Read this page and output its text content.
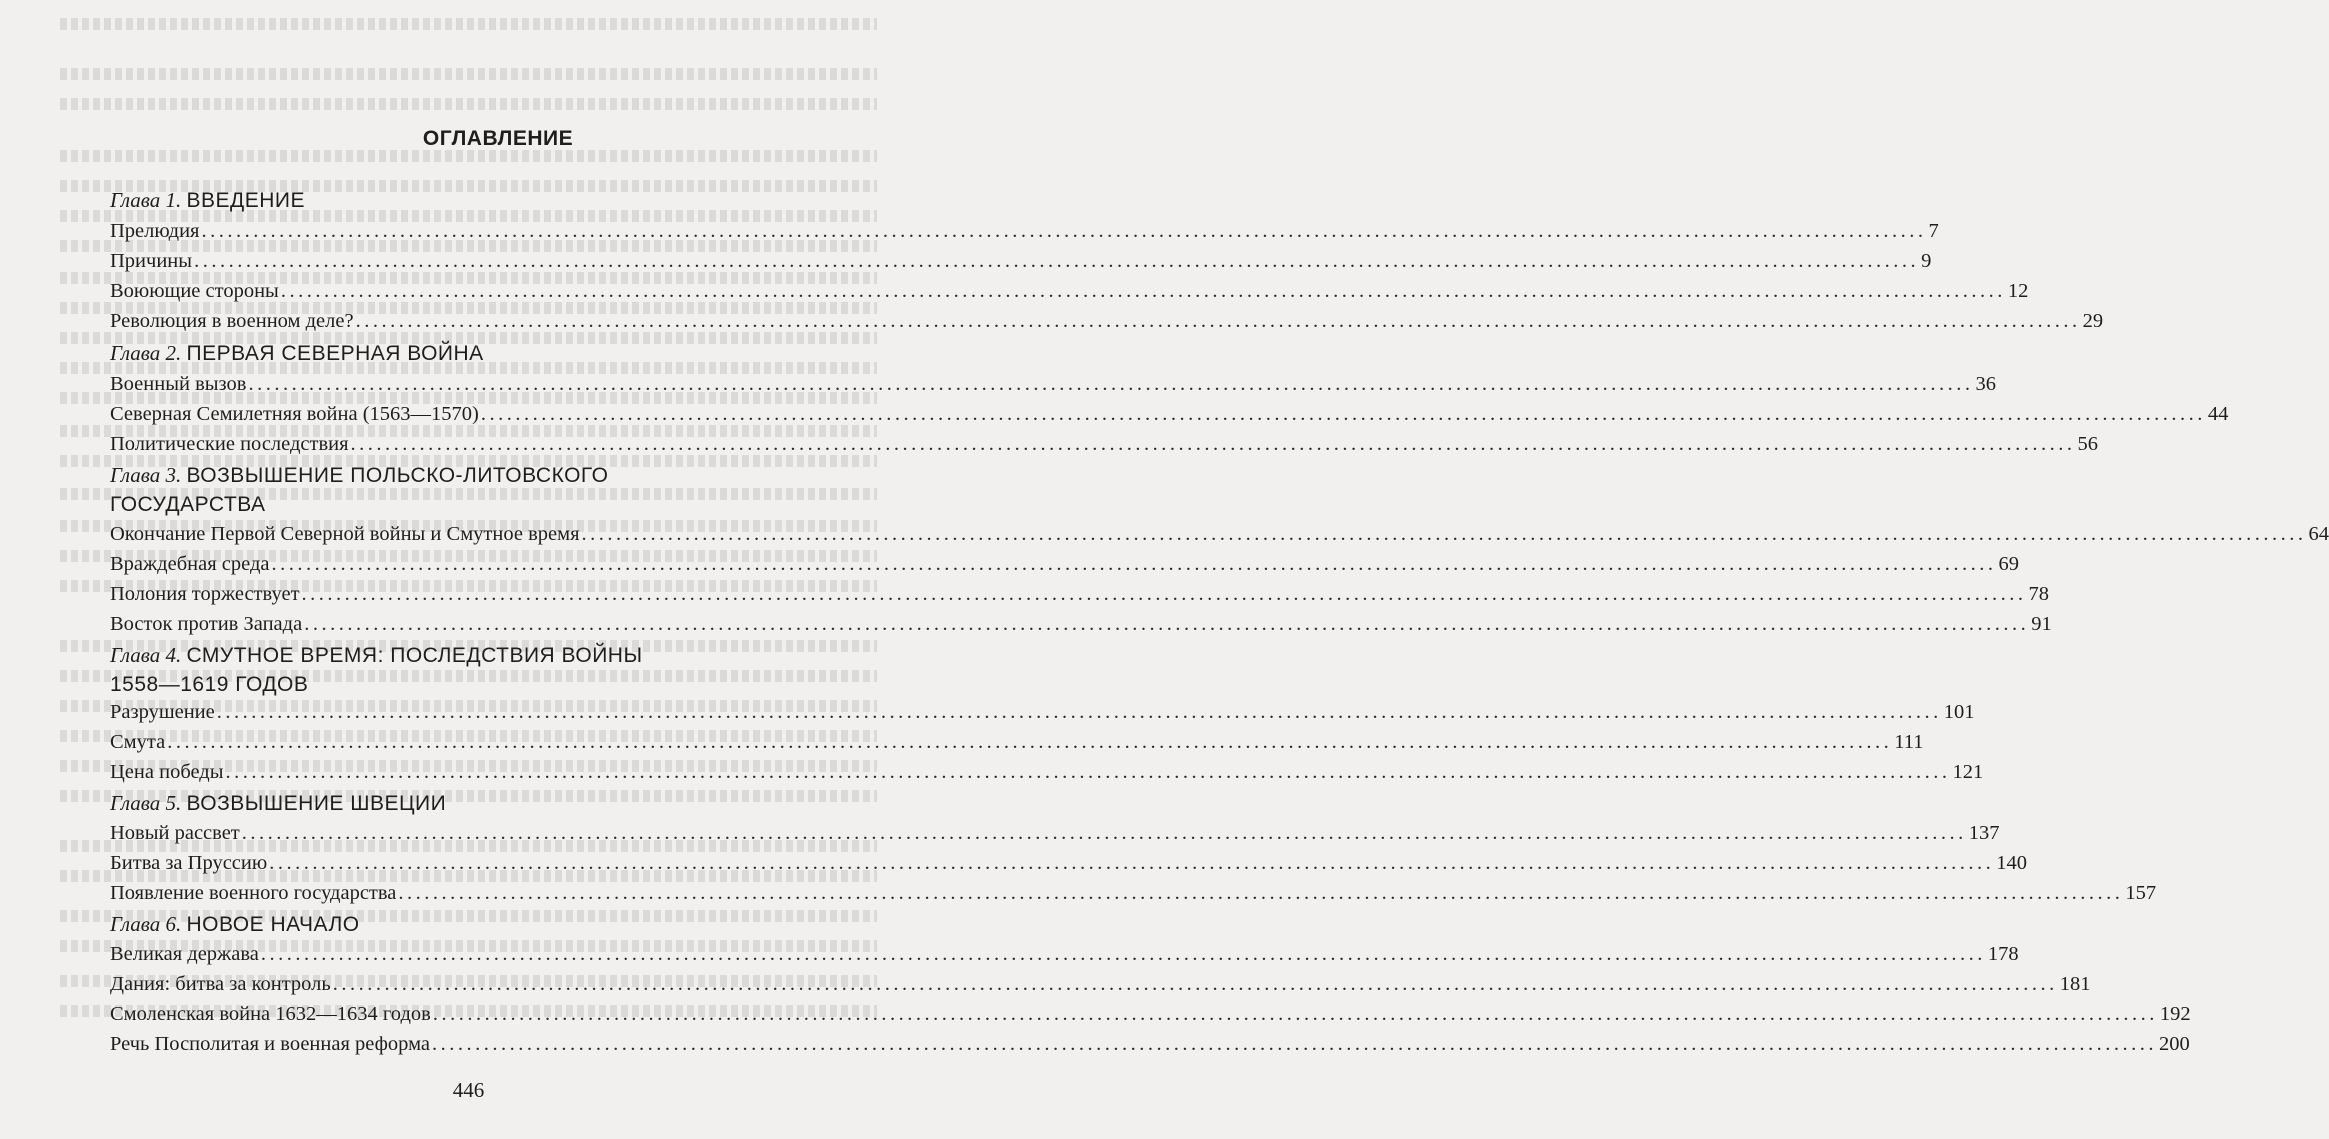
ОГЛАВЛЕНИЕ
Глава 1. ВВЕДЕНИЕ
Прелюдия ........................................................................................................................................................................................................ 7
Причины ........................................................................................................................................................................................................ 9
Воюющие стороны ........................................................................................................................................................................................................ 12
Революция в военном деле? ........................................................................................................................................................................................................ 29
Глава 2. ПЕРВАЯ СЕВЕРНАЯ ВОЙНА
Военный вызов ........................................................................................................................................................................................................ 36
Северная Семилетняя война (1563—1570) ........................................................................................................................................................................................................ 44
Политические последствия ........................................................................................................................................................................................................ 56
Глава 3. ВОЗВЫШЕНИЕ ПОЛЬСКО-ЛИТОВСКОГО
ГОСУДАРСТВА
Окончание Первой Северной войны и Смутное время ........................................................................................................................................................................................................ 64
Враждебная среда ........................................................................................................................................................................................................ 69
Полония торжествует ........................................................................................................................................................................................................ 78
Восток против Запада ........................................................................................................................................................................................................ 91
Глава 4. СМУТНОЕ ВРЕМЯ: ПОСЛЕДСТВИЯ ВОЙНЫ
1558—1619 ГОДОВ
Разрушение ........................................................................................................................................................................................................ 101
Смута ........................................................................................................................................................................................................ 111
Цена победы ........................................................................................................................................................................................................ 121
Глава 5. ВОЗВЫШЕНИЕ ШВЕЦИИ
Новый рассвет ........................................................................................................................................................................................................ 137
Битва за Пруссию ........................................................................................................................................................................................................ 140
Появление военного государства ........................................................................................................................................................................................................ 157
Глава 6. НОВОЕ НАЧАЛО
Великая держава ........................................................................................................................................................................................................ 178
Дания: битва за контроль ........................................................................................................................................................................................................ 181
Смоленская война 1632—1634 годов ........................................................................................................................................................................................................ 192
Речь Посполитая и военная реформа ........................................................................................................................................................................................................ 200
446
